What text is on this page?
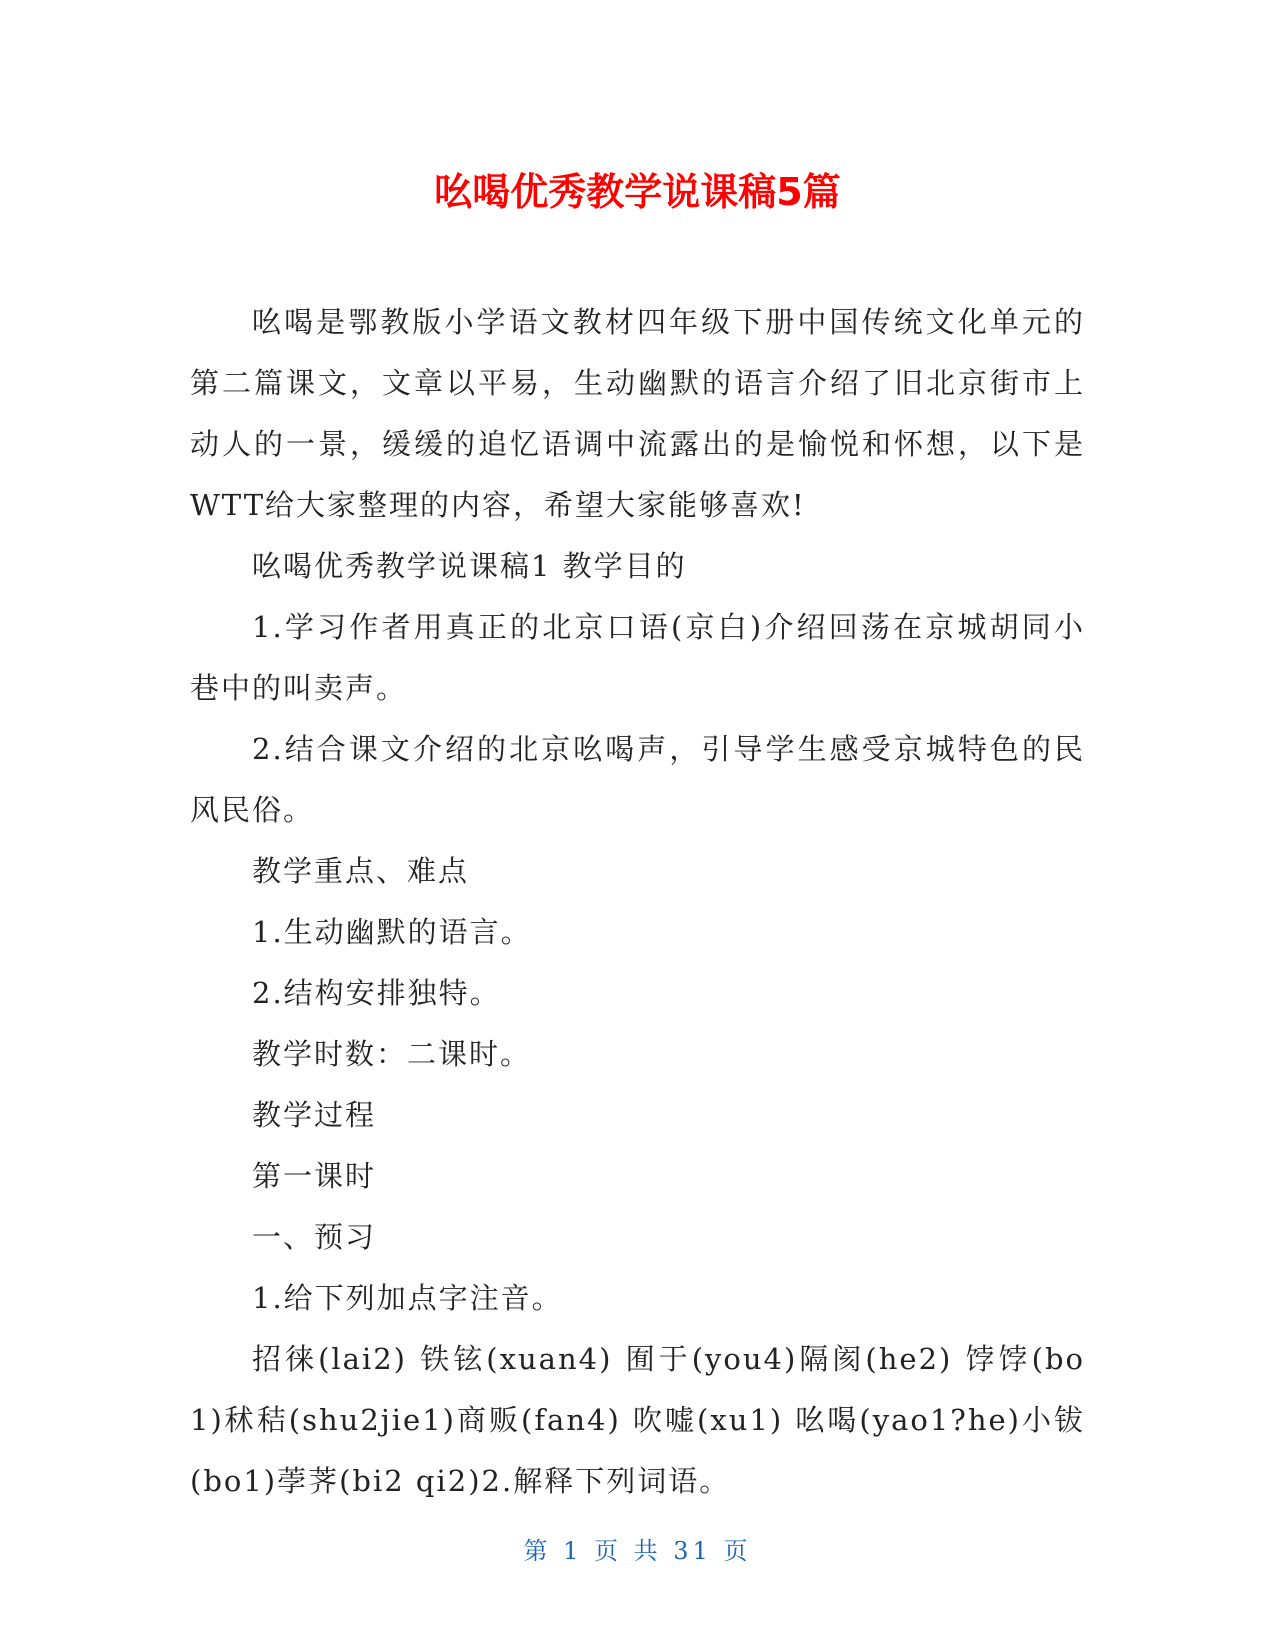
吆喝优秀教学说课稿5篇

吆喝是鄂教版小学语文教材四年级下册中国传统文化单元的第二篇课文，文章以平易，生动幽默的语言介绍了旧北京街市上动人的一景，缓缓的追忆语调中流露出的是愉悦和怀想，以下是WTT给大家整理的内容，希望大家能够喜欢!

吆喝优秀教学说课稿1 教学目的

1.学习作者用真正的北京口语(京白)介绍回荡在京城胡同小巷中的叫卖声。

2.结合课文介绍的北京吆喝声，引导学生感受京城特色的民风民俗。

教学重点、难点

1.生动幽默的语言。

2.结构安排独特。

教学时数：二课时。

教学过程

第一课时

一、预习

1.给下列加点字注音。

招徕(lai2) 铁铉(xuan4) 囿于(you4)隔阂(he2) 饽饽(bo1)秫秸(shu2jie1)商贩(fan4) 吹嘘(xu1) 吆喝(yao1?he)小钹(bo1)荸荠(bi2 qi2)2.解释下列词语。

第 1 页 共 31 页
